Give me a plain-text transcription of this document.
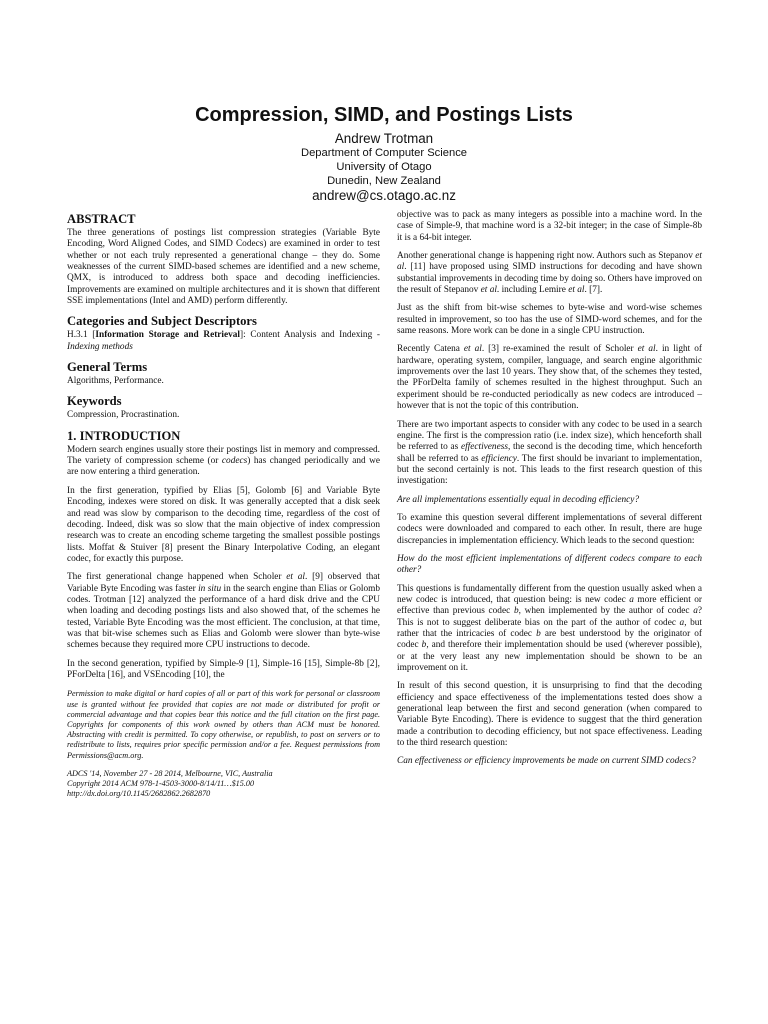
Compression, SIMD, and Postings Lists
Andrew Trotman
Department of Computer Science
University of Otago
Dunedin, New Zealand
andrew@cs.otago.ac.nz
ABSTRACT

The three generations of postings list compression strategies (Variable Byte Encoding, Word Aligned Codes, and SIMD Codecs) are examined in order to test whether or not each truly represented a generational change – they do. Some weaknesses of the current SIMD-based schemes are identified and a new scheme, QMX, is introduced to address both space and decoding inefficiencies. Improvements are examined on multiple architectures and it is shown that different SSE implementations (Intel and AMD) perform differently.

Categories and Subject Descriptors

H.3.1 [Information Storage and Retrieval]: Content Analysis and Indexing - Indexing methods

General Terms

Algorithms, Performance.

Keywords

Compression, Procrastination.

1. INTRODUCTION

Modern search engines usually store their postings list in memory and compressed. The variety of compression scheme (or codecs) has changed periodically and we are now entering a third generation.

In the first generation, typified by Elias [5], Golomb [6] and Variable Byte Encoding, indexes were stored on disk. It was generally accepted that a disk seek and read was slow by comparison to the decoding time, regardless of the cost of decoding. Indeed, disk was so slow that the main objective of index compression research was to create an encoding scheme targeting the smallest possible postings lists. Moffat & Stuiver [8] present the Binary Interpolative Coding, an elegant codec, for exactly this purpose.

The first generational change happened when Scholer et al. [9] observed that Variable Byte Encoding was faster in situ in the search engine than Elias or Golomb codes. Trotman [12] analyzed the performance of a hard disk drive and the CPU when loading and decoding postings lists and also showed that, of the schemes he tested, Variable Byte Encoding was the most efficient. The conclusion, at that time, was that bit-wise schemes such as Elias and Golomb were slower than byte-wise schemes because they required more CPU instructions to decode.

In the second generation, typified by Simple-9 [1], Simple-16 [15], Simple-8b [2], PForDelta [16], and VSEncoding [10], the

Permission to make digital or hard copies of all or part of this work for personal or classroom use is granted without fee provided that copies are not made or distributed for profit or commercial advantage and that copies bear this notice and the full citation on the first page. Copyrights for components of this work owned by others than ACM must be honored. Abstracting with credit is permitted. To copy otherwise, or republish, to post on servers or to redistribute to lists, requires prior specific permission and/or a fee. Request permissions from Permissions@acm.org.
ADCS '14, November 27 - 28 2014, Melbourne, VIC, Australia
Copyright 2014 ACM 978-1-4503-3000-8/14/11…$15.00
http://dx.doi.org/10.1145/2682862.2682870

objective was to pack as many integers as possible into a machine word. In the case of Simple-9, that machine word is a 32-bit integer; in the case of Simple-8b it is a 64-bit integer.

Another generational change is happening right now. Authors such as Stepanov et al. [11] have proposed using SIMD instructions for decoding and have shown substantial improvements in decoding time by doing so. Others have improved on the result of Stepanov et al. including Lemire et al. [7].

Just as the shift from bit-wise schemes to byte-wise and word-wise schemes resulted in improvement, so too has the use of SIMD-word schemes, and for the same reasons. More work can be done in a single CPU instruction.

Recently Catena et al. [3] re-examined the result of Scholer et al. in light of hardware, operating system, compiler, language, and search engine algorithmic improvements over the last 10 years. They show that, of the schemes they tested, the PForDelta family of schemes resulted in the highest throughput. Such an experiment should be re-conducted periodically as new codecs are introduced – however that is not the topic of this contribution.

There are two important aspects to consider with any codec to be used in a search engine. The first is the compression ratio (i.e. index size), which henceforth shall be referred to as effectiveness, the second is the decoding time, which henceforth shall be referred to as efficiency. The first should be invariant to implementation, but the second certainly is not. This leads to the first research question of this investigation:

Are all implementations essentially equal in decoding efficiency?

To examine this question several different implementations of several different codecs were downloaded and compared to each other. In result, there are huge discrepancies in implementation efficiency. Which leads to the second question:

How do the most efficient implementations of different codecs compare to each other?

This questions is fundamentally different from the question usually asked when a new codec is introduced, that question being: is new codec a more efficient or effective than previous codec b, when implemented by the author of codec a? This is not to suggest deliberate bias on the part of the author of codec a, but rather that the intricacies of codec b are best understood by the originator of codec b, and therefore their implementation should be used (wherever possible), or at the very least any new implementation should be shown to be an improvement on it.

In result of this second question, it is unsurprising to find that the decoding efficiency and space effectiveness of the implementations tested does show a generational leap between the first and second generation (when compared to Variable Byte Encoding). There is evidence to suggest that the third generation made a contribution to decoding efficiency, but not space effectiveness. Leading to the third research question:

Can effectiveness or efficiency improvements be made on current SIMD codecs?
